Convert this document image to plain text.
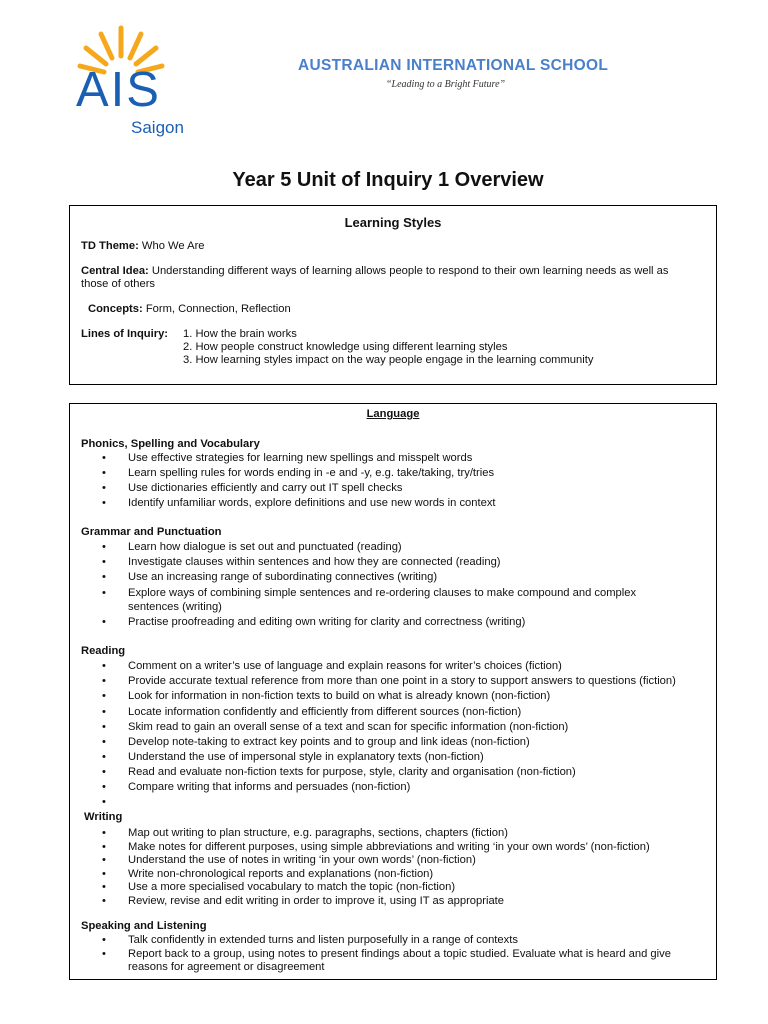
AIS
Saigon
AUSTRALIAN INTERNATIONAL SCHOOL
“Leading to a Bright Future”
Year 5 Unit of Inquiry 1 Overview
Learning Styles
TD Theme: Who We Are
Central Idea: Understanding different ways of learning allows people to respond to their own learning needs as well as
those of others
Concepts: Form, Connection, Reflection
Lines of Inquiry: 1. How the brain works
2. How people construct knowledge using different learning styles
3. How learning styles impact on the way people engage in the learning community
Language
Phonics, Spelling and Vocabulary
• Use effective strategies for learning new spellings and misspelt words
• Learn spelling rules for words ending in -e and -y, e.g. take/taking, try/tries
• Use dictionaries efficiently and carry out IT spell checks
• Identify unfamiliar words, explore definitions and use new words in context
Grammar and Punctuation
• Learn how dialogue is set out and punctuated (reading)
• Investigate clauses within sentences and how they are connected (reading)
• Use an increasing range of subordinating connectives (writing)
• Explore ways of combining simple sentences and re-ordering clauses to make compound and complex
sentences (writing)
• Practise proofreading and editing own writing for clarity and correctness (writing)
Reading
• Comment on a writer’s use of language and explain reasons for writer’s choices (fiction)
• Provide accurate textual reference from more than one point in a story to support answers to questions (fiction)
• Look for information in non-fiction texts to build on what is already known (non-fiction)
• Locate information confidently and efficiently from different sources (non-fiction)
• Skim read to gain an overall sense of a text and scan for specific information (non-fiction)
• Develop note-taking to extract key points and to group and link ideas (non-fiction)
• Understand the use of impersonal style in explanatory texts (non-fiction)
• Read and evaluate non-fiction texts for purpose, style, clarity and organisation (non-fiction)
• Compare writing that informs and persuades (non-fiction)
•
Writing
• Map out writing to plan structure, e.g. paragraphs, sections, chapters (fiction)
• Make notes for different purposes, using simple abbreviations and writing ‘in your own words’ (non-fiction)
• Understand the use of notes in writing ‘in your own words’ (non-fiction)
• Write non-chronological reports and explanations (non-fiction)
• Use a more specialised vocabulary to match the topic (non-fiction)
• Review, revise and edit writing in order to improve it, using IT as appropriate
Speaking and Listening
• Talk confidently in extended turns and listen purposefully in a range of contexts
• Report back to a group, using notes to present findings about a topic studied. Evaluate what is heard and give
reasons for agreement or disagreement
